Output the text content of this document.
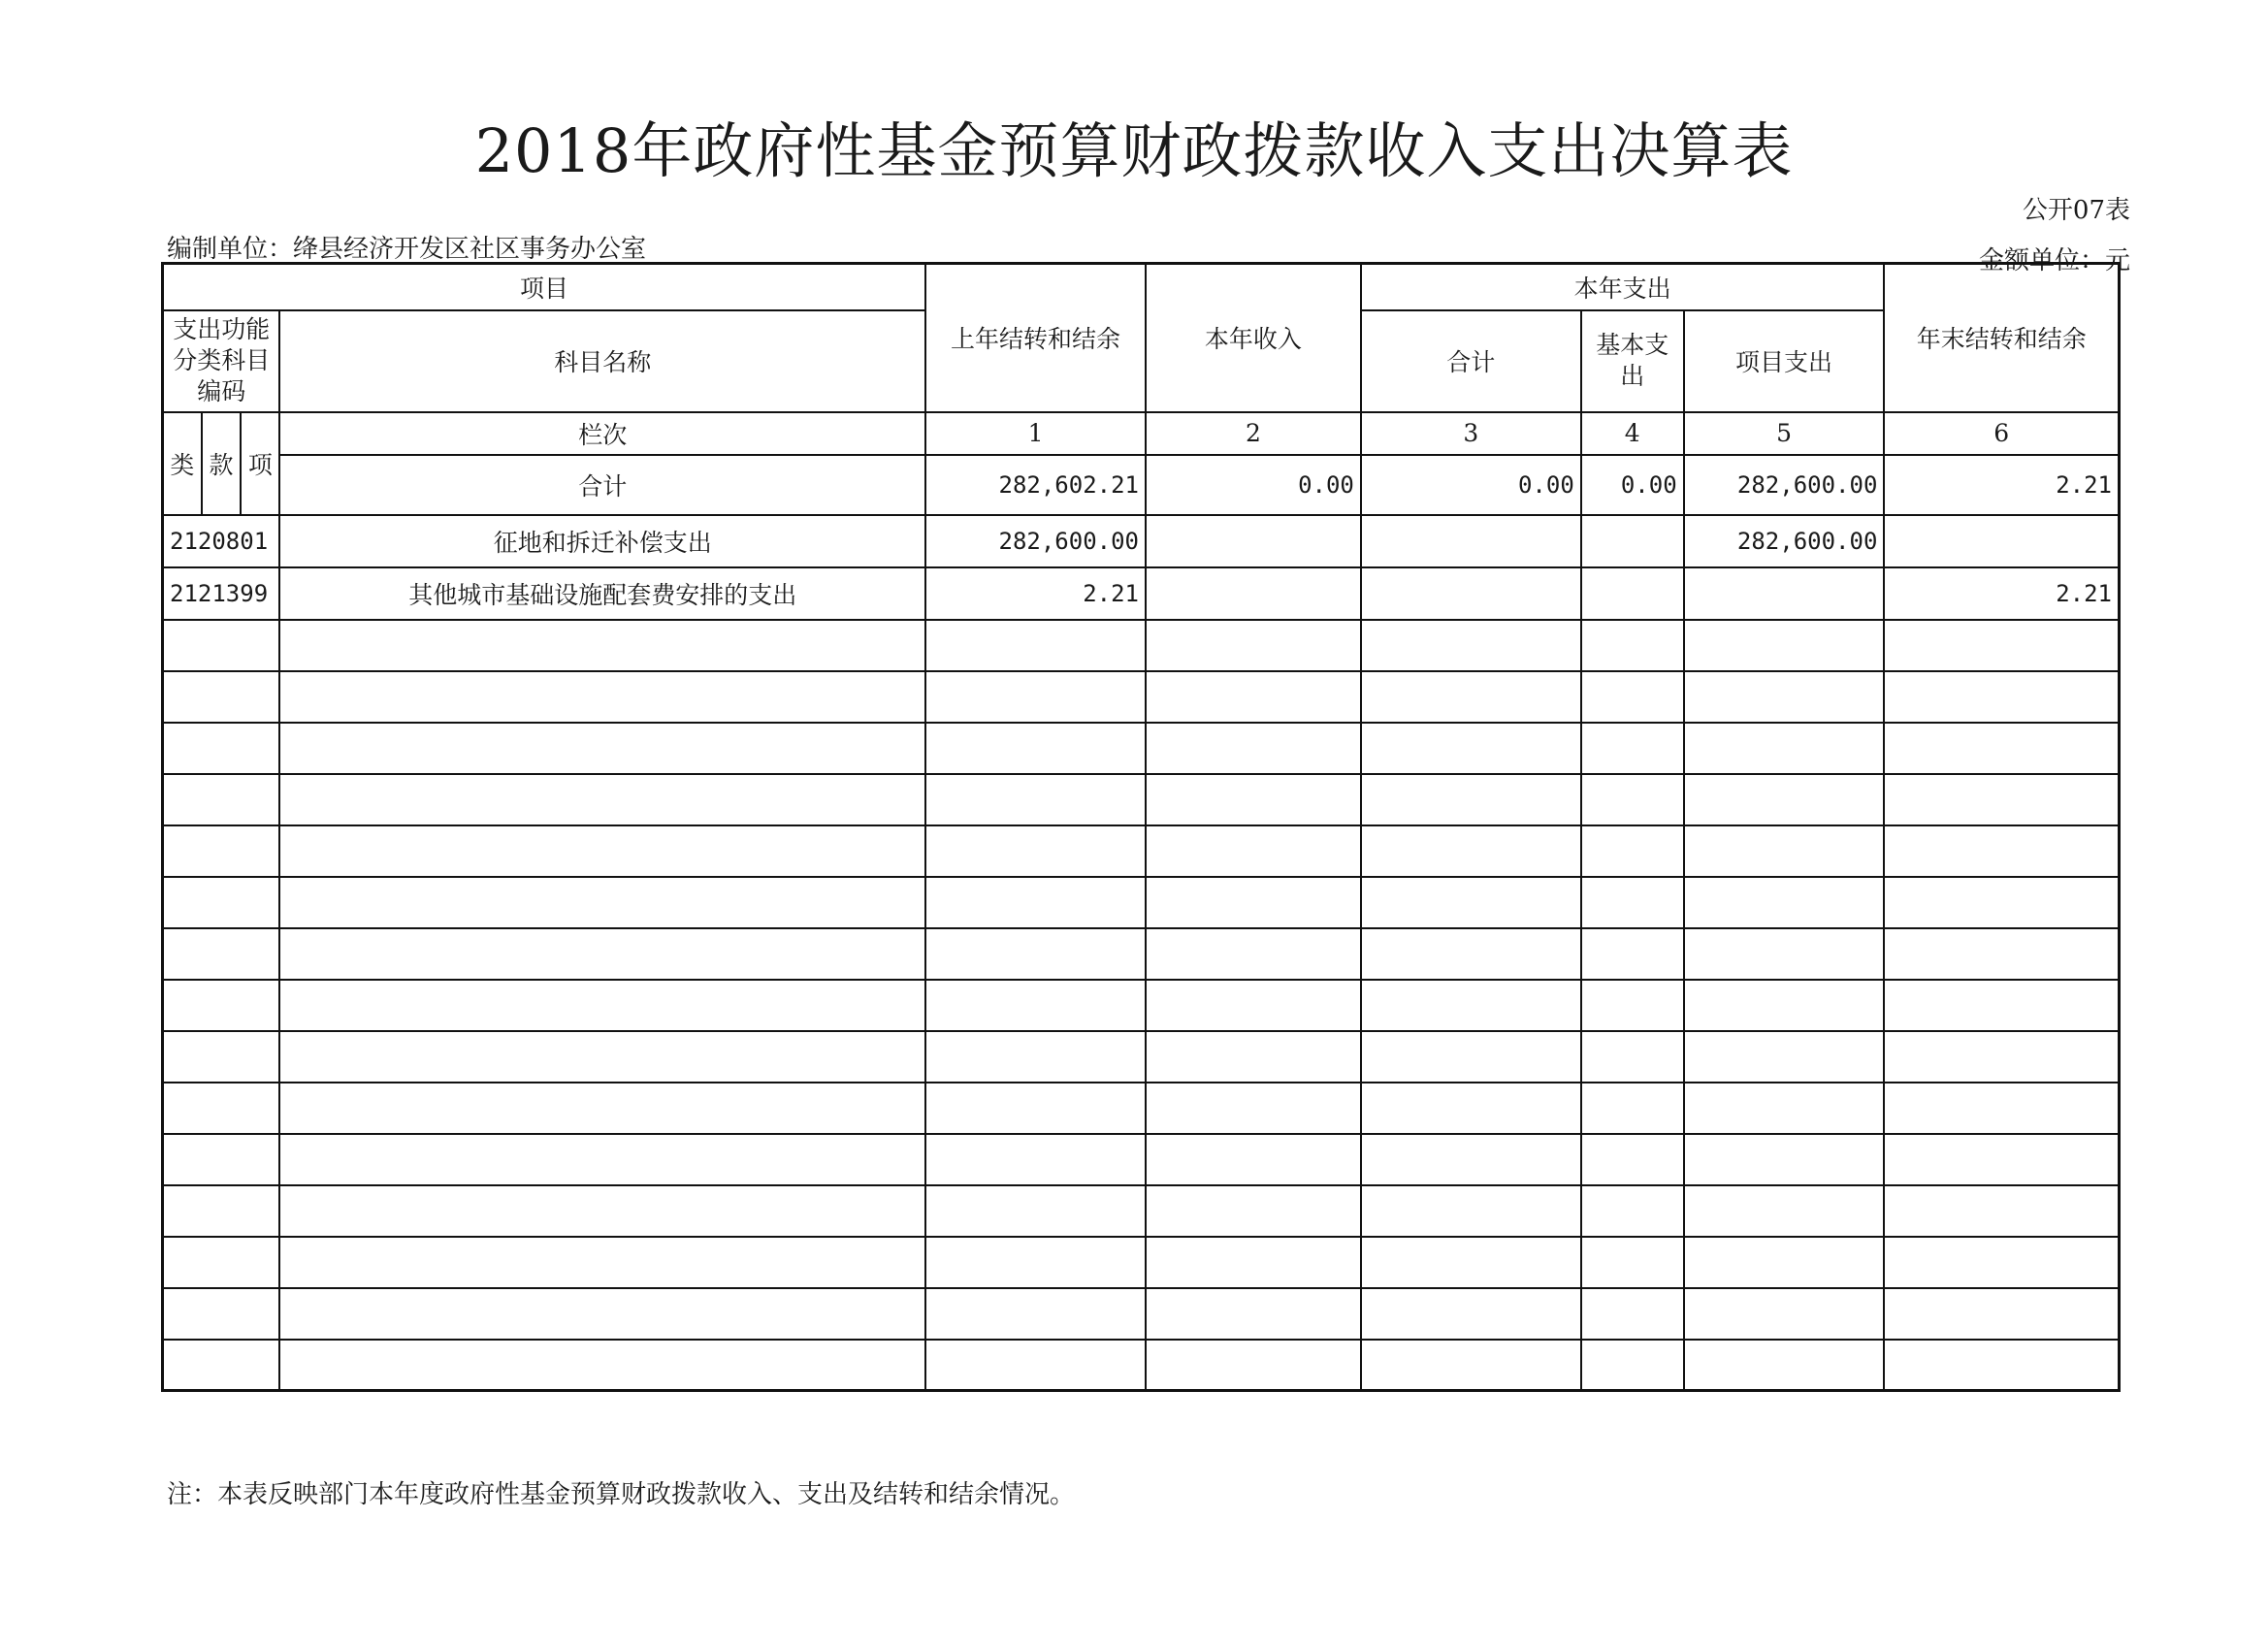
2018年政府性基金预算财政拨款收入支出决算表
公开07表
编制单位：绛县经济开发区社区事务办公室	金额单位：元
项目				上年结转和结余	本年收入	本年支出			年末结转和结余
支出功能分类科目编码			科目名称			合计	基本支出	项目支出	

类	款	项	栏次	1	2	3	4	5	6
			合计	282,602.21	0.00	0.00	0.00	282,600.00	2.21
2120801			征地和拆迁补偿支出	282,600.00				282,600.00	
2121399			其他城市基础设施配套费安排的支出	2.21					2.21

注：本表反映部门本年度政府性基金预算财政拨款收入、支出及结转和结余情况。
